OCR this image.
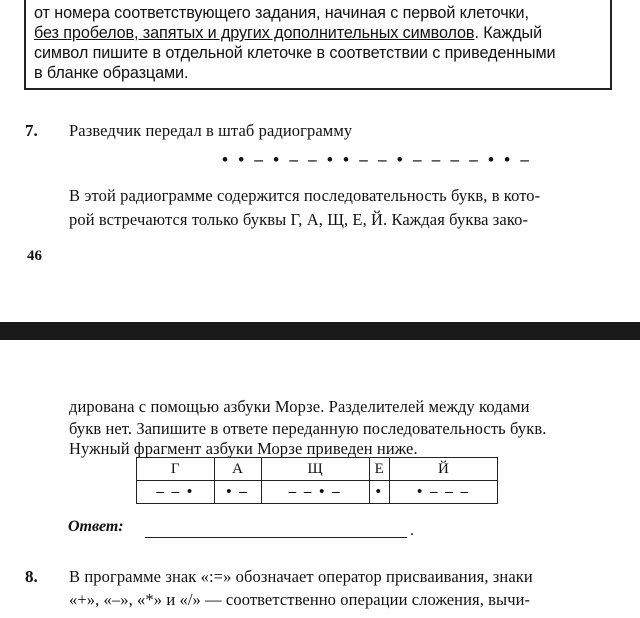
от номера соответствующего задания, начиная с первой клеточки,
без пробелов, запятых и других дополнительных символов. Каждый
символ пишите в отдельной клеточке в соответствии с приведенными
в бланке образцами.
7. Разведчик передал в штаб радиограмму
• • – • – – • • – – • – – – – • • –
В этой радиограмме содержится последовательность букв, в кото-
рой встречаются только буквы Г, А, Щ, Е, Й. Каждая буква зако-
46
дирована с помощью азбуки Морзе. Разделителей между кодами
букв нет. Запишите в ответе переданную последовательность букв.
Нужный фрагмент азбуки Морзе приведен ниже.
Г	А	Щ	Е	Й
– – •	• –	– – • –	•	• – – –
Ответ:	.
8. В программе знак «:=» обозначает оператор присваивания, знаки
«+», «–», «*» и «/» — соответственно операции сложения, вычи-
